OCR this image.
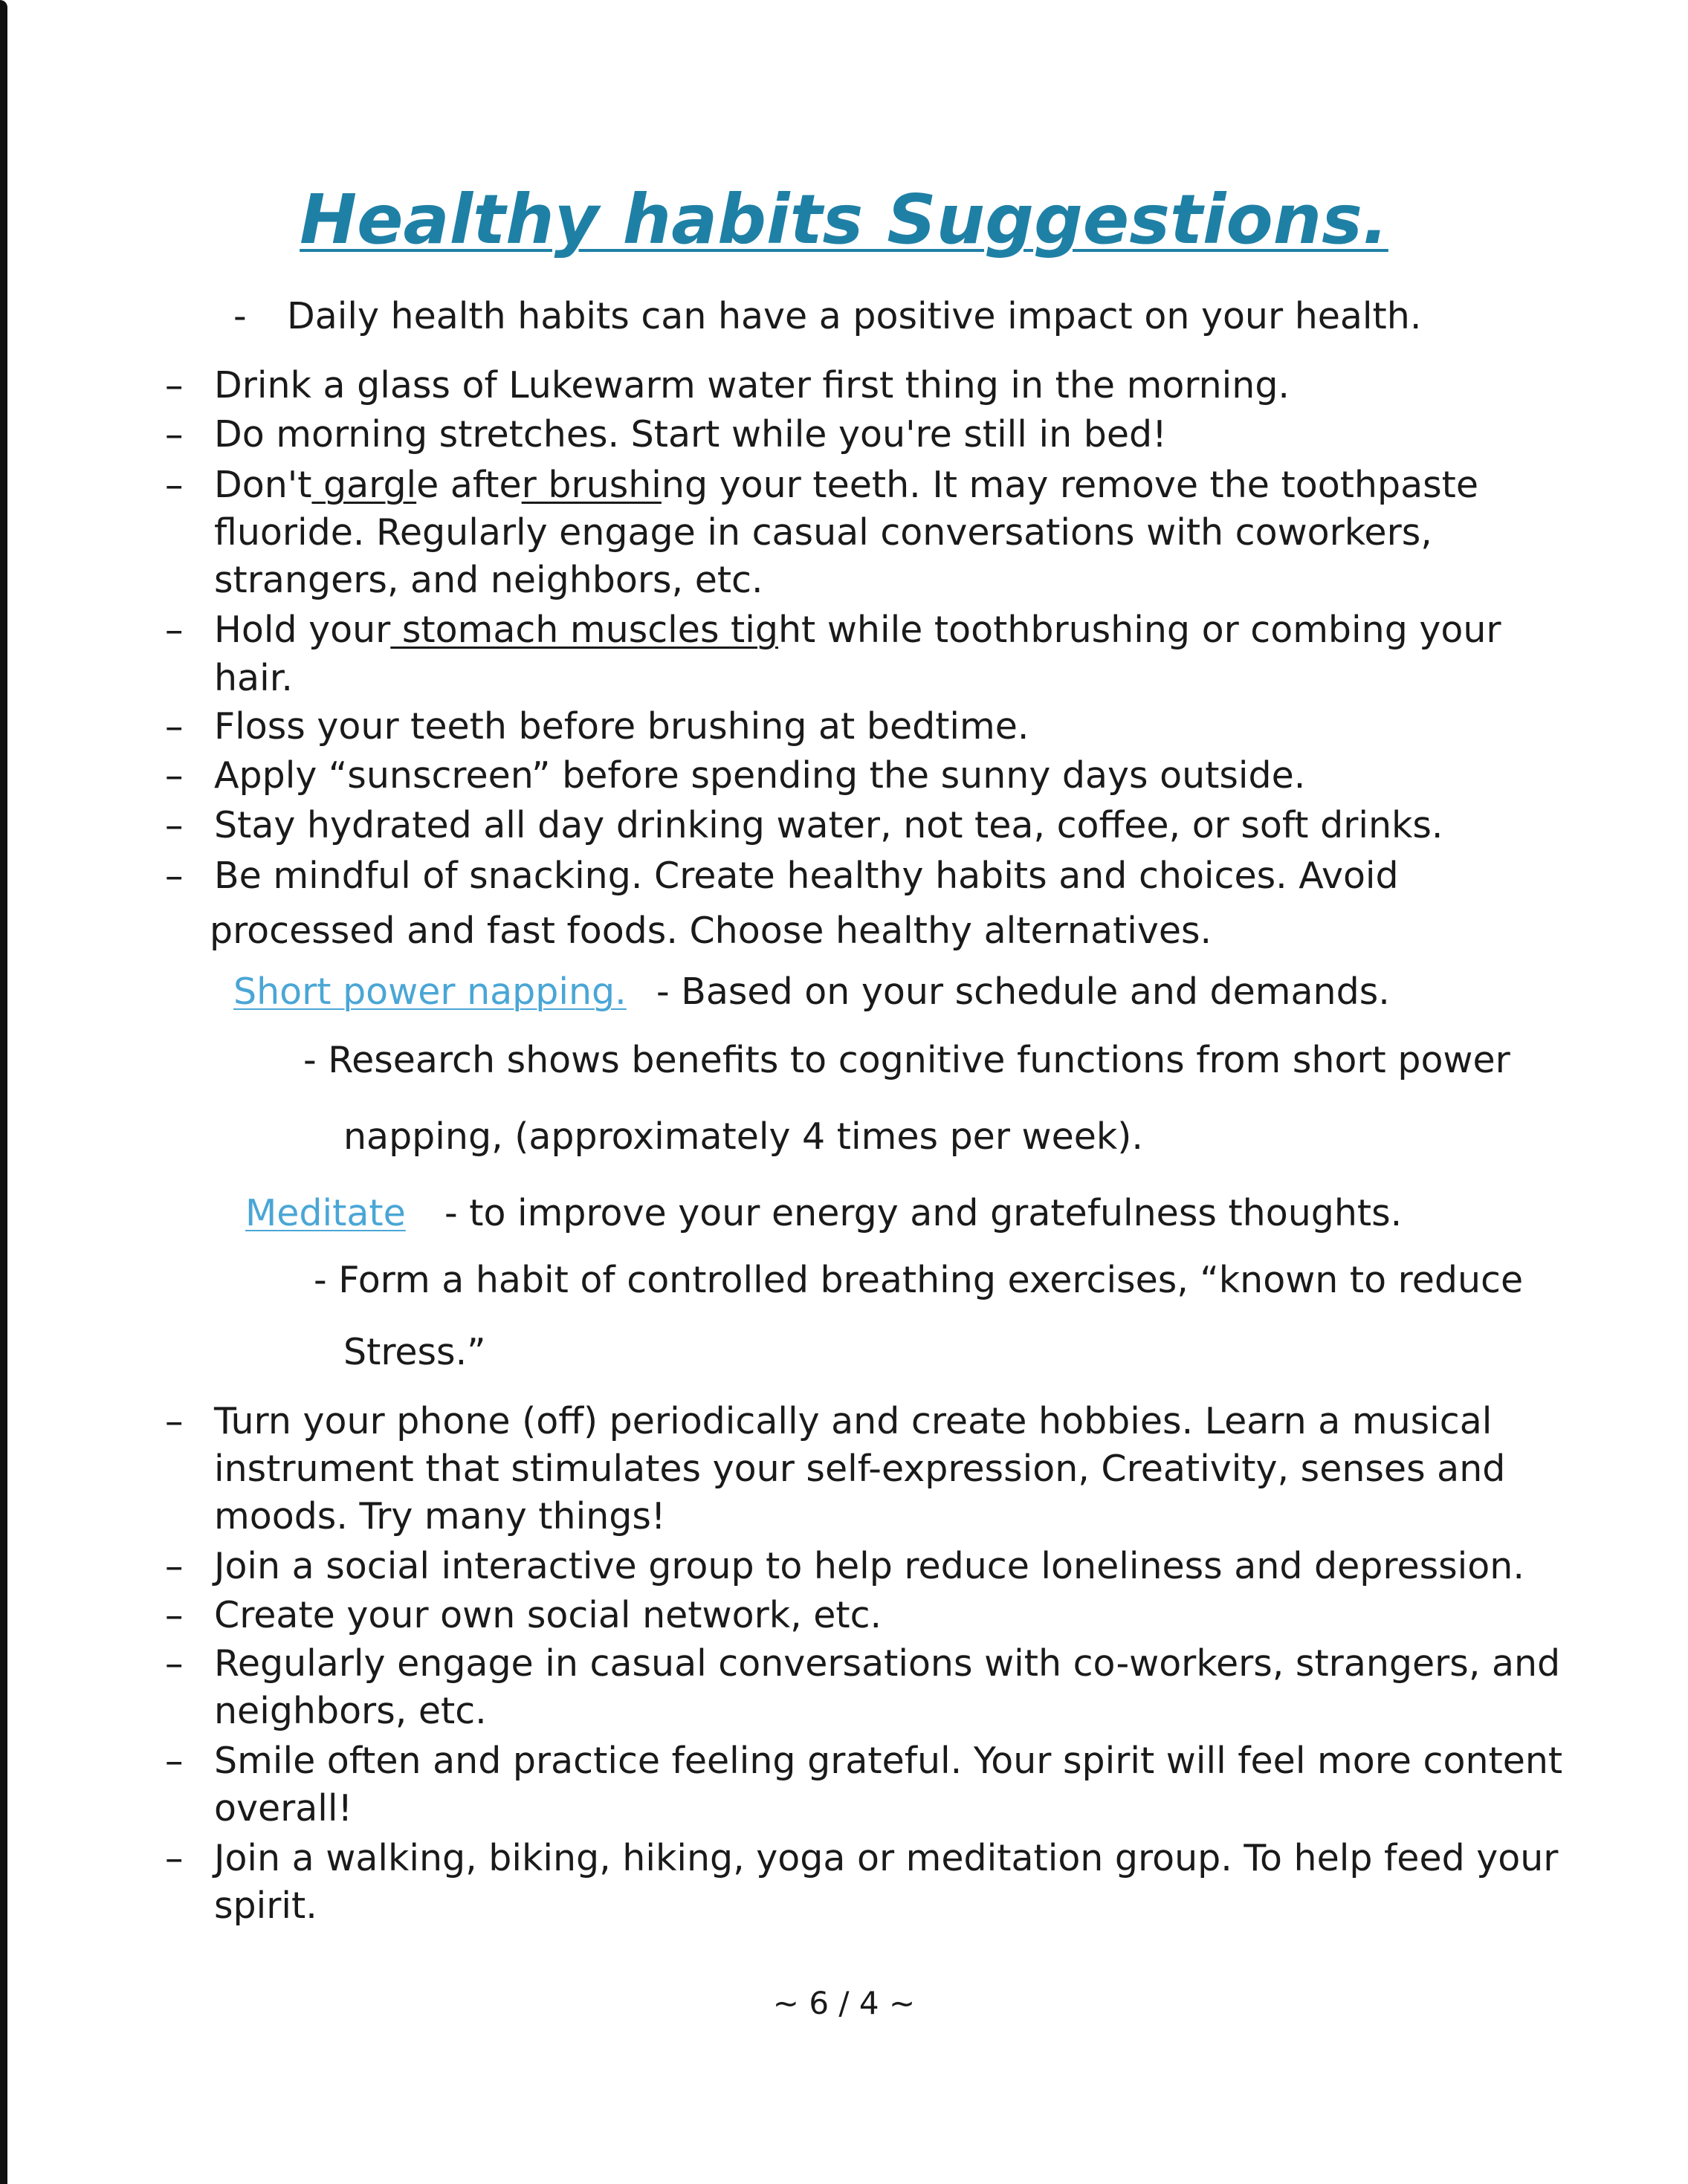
Healthy habits Suggestions.
- Daily health habits can have a positive impact on your health.
– Drink a glass of Lukewarm water first thing in the morning.
– Do morning stretches. Start while you're still in bed!
– Don't gargle after brushing your teeth. It may remove the toothpaste
fluoride. Regularly engage in casual conversations with coworkers,
strangers, and neighbors, etc.
– Hold your stomach muscles tight while toothbrushing or combing your
hair.
– Floss your teeth before brushing at bedtime.
– Apply “sunscreen” before spending the sunny days outside.
– Stay hydrated all day drinking water, not tea, coffee, or soft drinks.
– Be mindful of snacking. Create healthy habits and choices. Avoid
processed and fast foods. Choose healthy alternatives.
Short power napping. - Based on your schedule and demands.
- Research shows benefits to cognitive functions from short power
napping, (approximately 4 times per week).
Meditate - to improve your energy and gratefulness thoughts.
- Form a habit of controlled breathing exercises, “known to reduce
Stress.”
– Turn your phone (off) periodically and create hobbies. Learn a musical
instrument that stimulates your self-expression, Creativity, senses and
moods. Try many things!
– Join a social interactive group to help reduce loneliness and depression.
– Create your own social network, etc.
– Regularly engage in casual conversations with co-workers, strangers, and
neighbors, etc.
– Smile often and practice feeling grateful. Your spirit will feel more content
overall!
– Join a walking, biking, hiking, yoga or meditation group. To help feed your
spirit.
~ 6 / 4 ~
